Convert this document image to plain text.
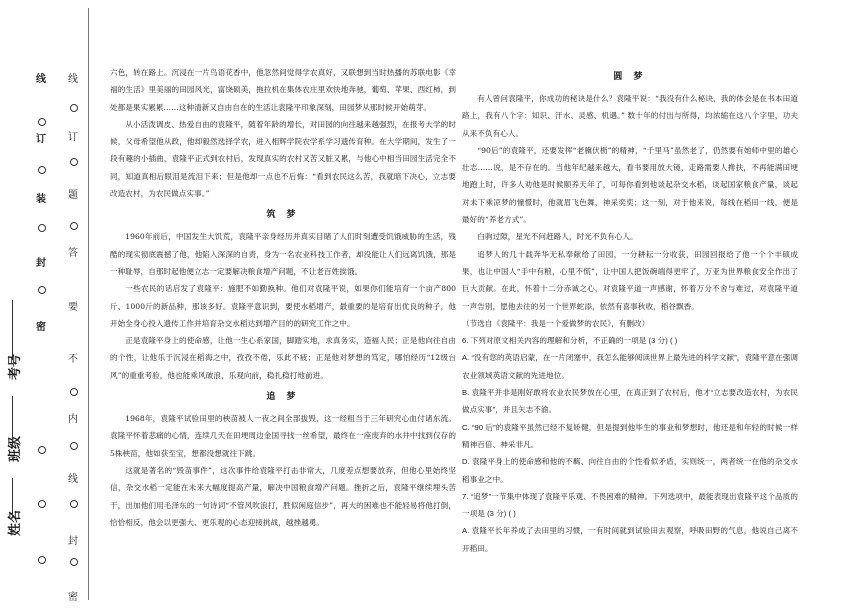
线
订
装
封
密
线
订
题
答
要
不
内
线
封
密
考号
班级
姓名

六色，转在路上。沉浸在一片鸟语花香中，他忽然间觉得学农真好，又联想到当时热播的苏联电影《幸福的生活》里美丽的田园风光，富饶硕美，拖拉机在集体农庄里欢快地奔驰，葡萄、苹果、西红柿，到处都是果实累累……这种清新又自由自在的生活让袁隆平印象深刻，田园梦从那时候开始萌芽。

从小活泼调皮、热爱自由的袁隆平，随着年龄的增长，对田园的向往越来越强烈，在报考大学的时候，父母希望他从政，他却毅然选择学农，进入相辉学院农学系学习遗传育种。在大学期间，发生了一段有趣的小插曲，袁隆平正式到农村后，发现真实的农村又苦又脏又累，与他心中相当田园生活完全不同，知道真相后眼泪是流泪下来；但是他却一点也不后悔：“看到农民这么苦，我就暗下决心，立志要改造农村，为农民做点实事。”

筑 梦

1960年前后，中国发生大饥荒，袁隆平亲身经历并真实目睹了人们时刻遭受饥饿威胁的生活，残酷的现实彻底震撼了他，他陷入深深的自责，身为一名农业科技工作者，却没能让人们远离饥饿，那是一种耻辱，自那时起他便立志一定要解决粮食增产问题，不让老百姓挨饿。

一些农民的话启发了袁隆平：施肥不如勤换种。他们对袁隆平说，如果你们能培育一个亩产800斤、1000斤的新品种，那该多好。袁隆平意识到，要使水稻增产，最重要的是培育出优良的种子，他开始全身心投入遗传工作并培育杂交水稻达到增产目的的研究工作之中。

正是袁隆平身上的使命感，让他一生心系家国，脚踏实地，求真务实，造福人民；正是他向往自由的个性，让他乐于沉浸在稻海之中，孜孜不倦，乐此不疲；正是他对梦想的笃定，哪怕经历“12级台风”的重重考验，他也能乘风破浪，乐观向前，稳扎稳打地前进。

追 梦

1968年，袁隆平试验田里的秧苗被人一夜之间全部拔毁，这一经粗当于三年研究心血付诸东流。袁隆平怀着悲痛的心情，连续几天在田埂周边金国寻找一丝希望，最终在一座废弃的水井中找到仅存的5株秧苗，他如获至宝，想都没想就往下跳。

这就是著名的“毁苗事件”，这次事件给袁隆平打击非常大，几度差点想要放弃，但他心里始终坚信，杂交水稻一定能在未来大幅度提高产量，解决中国粮食增产问题。挫折之后，袁隆平继续埋头苦干，出加他们用毛泽东的一句诗词“不管风吹浪打，胜似闲庭信步”，再大的困难也不能轻易将他打倒，恰恰相反，他会以更强大、更乐观的心态迎接挑战，越挫越勇。

圆 梦

有人曾问袁隆平，你成功的秘诀是什么？袁隆平说：“我没有什么秘诀，我的体会是在书本田道路上，我有八个字：知识、汗水、灵感、机遇。” 数十年的付出与所得，均浓缩在这八个字里，功夫从来不负有心人。

“90后”的袁隆平，还要发挥“老骥伏枥”的精神，“千里马”虽然老了，仍然要有她师中里的雄心壮志……说，是不存在的。当他年纪越来越大，看书要用放大镜，走路需要人搀扶，不再能满田埂地跑上时，许多人劝他是时候颐养天年了，可每你看到他谈起杂交水稻，谈起国家粮食产量，谈起对未下乘凉梦的憧憬时，他就眉飞色舞，神采奕奕；这一刻，对于他来说，每线在稻田一线，便是最好的“养老方式”。

白驹过隙，星光不问赶路人，时光不负有心人。

追梦人的几十载奔华无私奉献给了田园，一分耕耘一分收获，田园回报给了他一个个丰硕成果，也让中国人“手中有粮，心里不慌”，让中国人把饭碗端得更牢了，万亚为世界粮食安全作出了巨大贡献。在此，怀着十二分赤诚之心，对袁隆平道一声感谢，怀着万分不舍与难过，对袁隆平道一声告别，愿他去往的另一个世界蛇添，依然有喜事秋收，稻谷飘香。

（节选自《袁隆平：我是一个爱做梦的农民》，有删改）

6. 下列对原文相关内容的理解和分析，不正确的一项是 (3 分) ( )

A. “没有您的英语启蒙，在一片闭塞中，我怎么能够阅读世界上最先进的科学文献”，袁隆平意在强调农业领域英语文献的先进地位。

B. 袁隆平并非是刚好敢将农业农民梦放在心里，在真正到了农村后，他才“立志要改造农村，为农民做点实事”，并且矢志不渝。

C. “90 后”的袁隆平虽然已经不复矫健，但是提到他毕生的事业和梦想时，他还是和年轻的时候一样精神百倍、神采非凡。

D. 袁隆平身上的使命感和他的不羁、向往自由的个性看似矛盾，实则统一，两者统一在他的杂交水稻事业之中。

7. “追梦”一节集中体现了袁隆平乐观、不畏困难的精神。下列选项中，最能表现出袁隆平这个品质的一项是 (3 分) ( )

A. 袁隆平长年养成了去田里的习惯，一有时间就到试验田去观察，呼吸田野的气息，他说自己离不开稻田。
